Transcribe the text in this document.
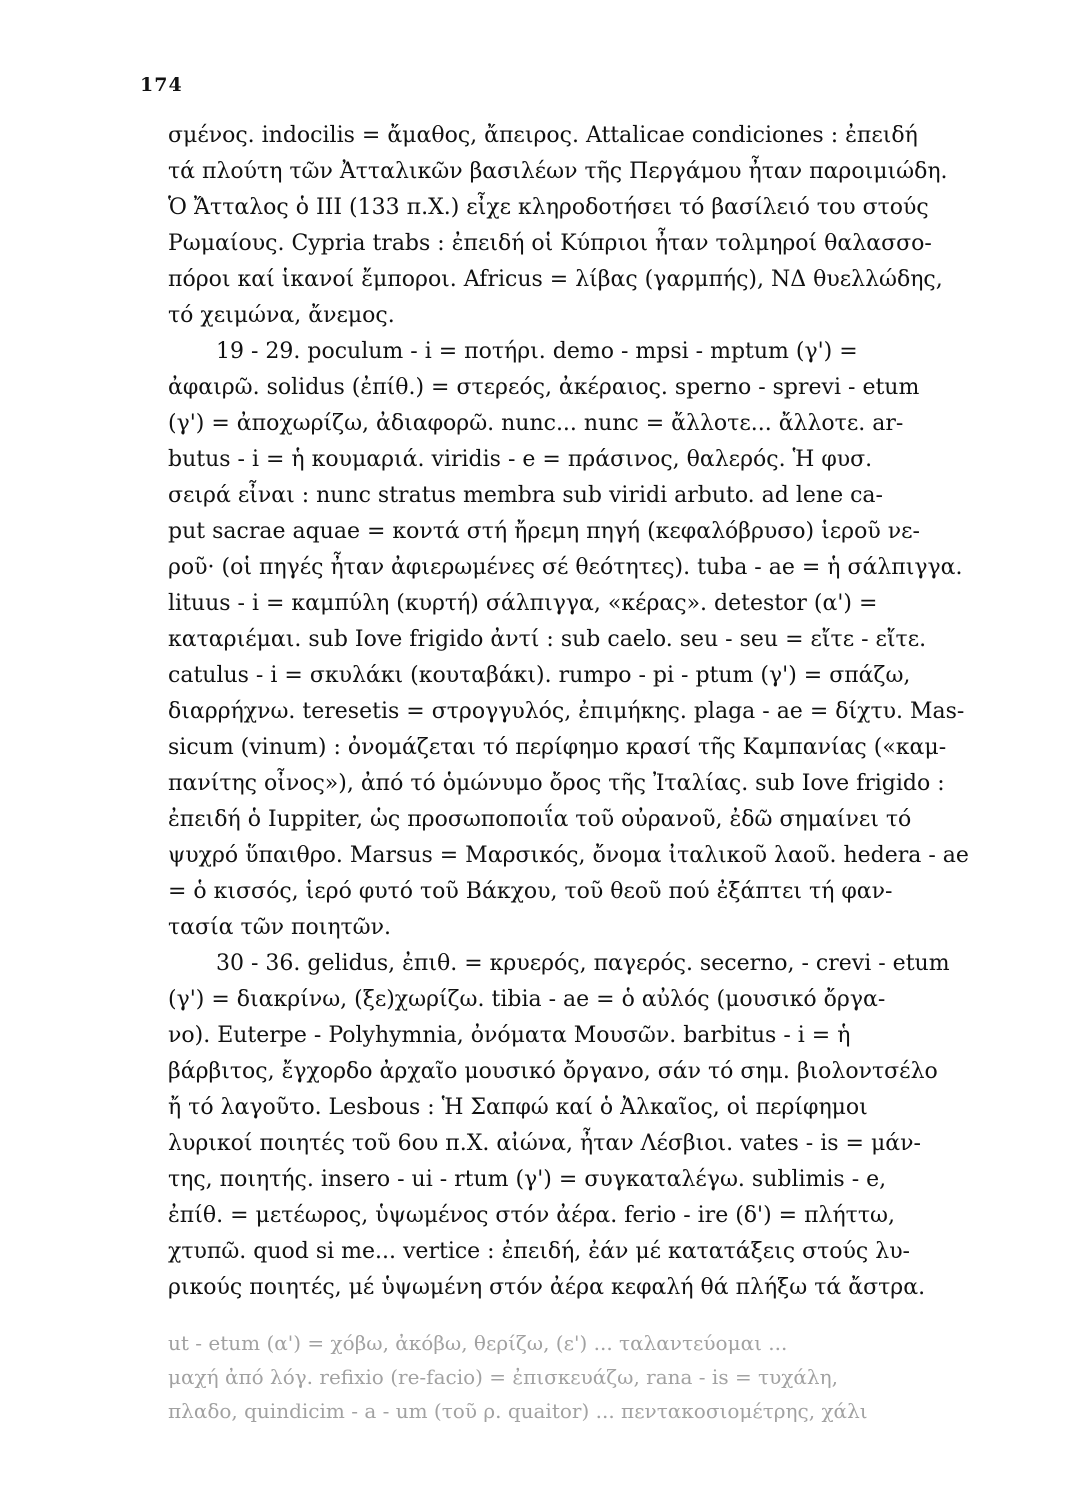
174
σμένος. indocilis = ἄμαθος, ἄπειρος. Attalicae condiciones : ἐπειδή
τά πλούτη τῶν Ἀτταλικῶν βασιλέων τῆς Περγάμου ἦταν παροιμιώδη.
Ὁ Ἄτταλος ὁ III (133 π.Χ.) εἶχε κληροδοτήσει τό βασίλειό του στούς
Ρωμαίους. Cypria trabs : ἐπειδή οἱ Κύπριοι ἦταν τολμηροί θαλασσο-
πόροι καί ἱκανοί ἔμποροι. Africus = λίβας (γαρμπής), ΝΔ θυελλώδης,
τό χειμώνα, ἄνεμος.
19 - 29. poculum - i = ποτήρι. demo - mpsi - mptum (γ') =
ἀφαιρῶ. solidus (ἐπίθ.) = στερεός, ἀκέραιος. sperno - sprevi - etum
(γ') = ἀποχωρίζω, ἀδιαφορῶ. nunc... nunc = ἄλλοτε... ἄλλοτε. ar-
butus - i = ἡ κουμαριά. viridis - e = πράσινος, θαλερός. Ἡ φυσ.
σειρά εἶναι : nunc stratus membra sub viridi arbuto. ad lene ca-
put sacrae aquae = κοντά στή ἤρεμη πηγή (κεφαλόβρυσο) ἱεροῦ νε-
ροῦ· (οἱ πηγές ἦταν ἀφιερωμένες σέ θεότητες). tuba - ae = ἡ σάλπιγγα.
lituus - i = καμπύλη (κυρτή) σάλπιγγα, «κέρας». detestor (α') =
καταριέμαι. sub Iove frigido ἀντί : sub caelo. seu - seu = εἴτε - εἴτε.
catulus - i = σκυλάκι (κουταβάκι). rumpo - pi - ptum (γ') = σπάζω,
διαρρήχνω. teresetis = στρογγυλός, ἐπιμήκης. plaga - ae = δίχτυ. Mas-
sicum (vinum) : ὀνομάζεται τό περίφημο κρασί τῆς Καμπανίας («καμ-
πανίτης οἶνος»), ἀπό τό ὁμώνυμο ὄρος τῆς Ἰταλίας. sub Iove frigido :
ἐπειδή ὁ Iuppiter, ὡς προσωποποιΐα τοῦ οὐρανοῦ, ἐδῶ σημαίνει τό
ψυχρό ὕπαιθρο. Marsus = Μαρσικός, ὄνομα ἰταλικοῦ λαοῦ. hedera - ae
= ὁ κισσός, ἱερό φυτό τοῦ Βάκχου, τοῦ θεοῦ πού ἐξάπτει τή φαν-
τασία τῶν ποιητῶν.
30 - 36. gelidus, ἐπιθ. = κρυερός, παγερός. secerno, - crevi - etum
(γ') = διακρίνω, (ξε)χωρίζω. tibia - ae = ὁ αὐλός (μουσικό ὄργα-
νο). Euterpe - Polyhymnia, ὀνόματα Μουσῶν. barbitus - i = ἡ
βάρβιτος, ἔγχορδο ἀρχαῖο μουσικό ὄργανο, σάν τό σημ. βιολοντσέλο
ἤ τό λαγοῦτο. Lesbous : Ἡ Σαπφώ καί ὁ Ἀλκαῖος, οἱ περίφημοι
λυρικοί ποιητές τοῦ 6ου π.Χ. αἰώνα, ἦταν Λέσβιοι. vates - is = μάν-
της, ποιητής. insero - ui - rtum (γ') = συγκαταλέγω. sublimis - e,
ἐπίθ. = μετέωρος, ὑψωμένος στόν ἀέρα. ferio - ire (δ') = πλήττω,
χτυπῶ. quod si me... vertice : ἐπειδή, ἐάν μέ κατατάξεις στούς λυ-
ρικούς ποιητές, μέ ὑψωμένη στόν ἀέρα κεφαλή θά πλήξω τά ἄστρα.
ut - etum (α') = χόβω, ἀκόβω, θερίζω, (ε') ... ταλαντεύομαι ...
μαχή ἀπό λόγ. refixio (re-facio) = ἐπισκευάζω, rana - is = τυχάλη,
πλαδο, quindicim - a - um (τοῦ ρ. quaitor) ... πεντακοσιομέτρης, χάλι
